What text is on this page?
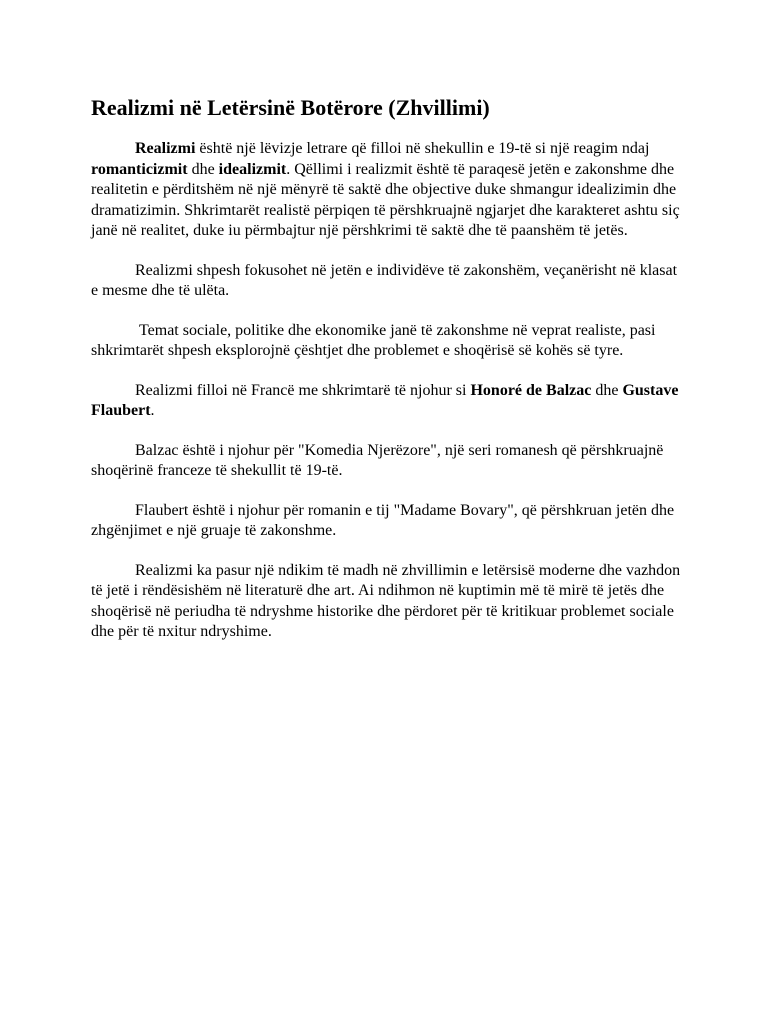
Realizmi në Letërsinë Botërore (Zhvillimi)

Realizmi është një lëvizje letrare që filloi në shekullin e 19-të si një reagim ndaj romanticizmit dhe idealizmit. Qëllimi i realizmit është të paraqesë jetën e zakonshme dhe realitetin e përditshëm në një mënyrë të saktë dhe objective duke shmangur idealizimin dhe dramatizimin. Shkrimtarët realistë përpiqen të përshkruajnë ngjarjet dhe karakteret ashtu siç janë në realitet, duke iu përmbajtur një përshkrimi të saktë dhe të paanshëm të jetës.

Realizmi shpesh fokusohet në jetën e individëve të zakonshëm, veçanërisht në klasat e mesme dhe të ulëta.

Temat sociale, politike dhe ekonomike janë të zakonshme në veprat realiste, pasi shkrimtarët shpesh eksplorojnë çështjet dhe problemet e shoqërisë së kohës së tyre.

Realizmi filloi në Francë me shkrimtarë të njohur si Honoré de Balzac dhe Gustave Flaubert.

Balzac është i njohur për "Komedia Njerëzore", një seri romanesh që përshkruajnë shoqërinë franceze të shekullit të 19-të.

Flaubert është i njohur për romanin e tij "Madame Bovary", që përshkruan jetën dhe zhgënjimet e një gruaje të zakonshme.

Realizmi ka pasur një ndikim të madh në zhvillimin e letërsisë moderne dhe vazhdon të jetë i rëndësishëm në literaturë dhe art. Ai ndihmon në kuptimin më të mirë të jetës dhe shoqërisë në periudha të ndryshme historike dhe përdoret për të kritikuar problemet sociale dhe për të nxitur ndryshime.
